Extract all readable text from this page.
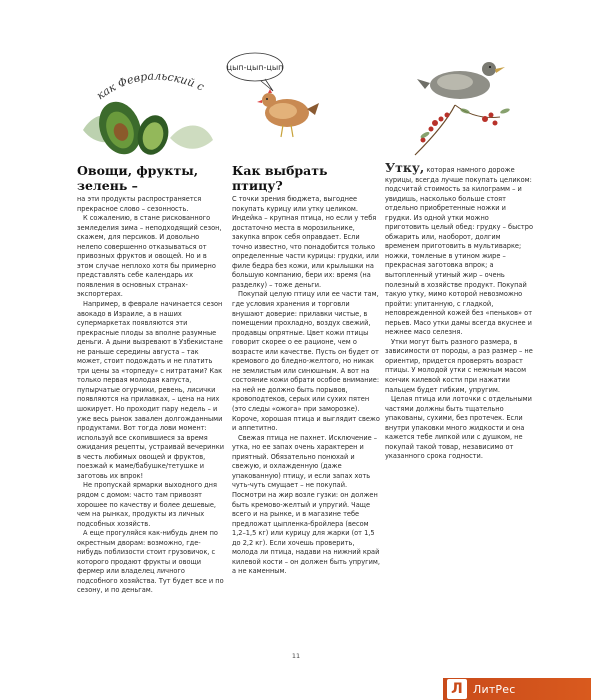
как Февральский с
цып-цып-цып
Овощи, фрукты, зелень –

на эти продукты распространяется прекрасное слово – сезонность.

К сожалению, в стане рискованного земледелия зима – неподходящий сезон, скажем, для персиков. И довольно нелепо совершенно отказываться от привозных фруктов и овощей. Но и в этом случае неплохо хотя бы примерно представлять себе календарь их появления в основных странах-экспортерах.

Например, в феврале начинается сезон авокадо в Израиле, а в наших супермаркетах появляются эти прекрасные плоды за вполне разумные деньги. А дыни вызревают в Узбекистане не раньше середины августа – так может, стоит подождать и не платить три цены за «торпеду» с нитратами? Как только первая молодая капуста, пупырчатые огурчики, ревень, лисички появляются на прилавках, – цена на них шокирует. Но проходит пару недель – и уже весь рынок завален долгожданными продуктами. Вот тогда лови момент: используй все скопившиеся за время ожидания рецепты, устраивай вечеринки в честь любимых овощей и фруктов, поезжай к маме/бабушке/тетушке и заготовь их впрок!

Не пропускай ярмарки выходного дня рядом с домом: часто там привозят хорошее по качеству и более дешевые, чем на рынках, продукты из личных подсобных хозяйств.

А еще прогуляйся как-нибудь днем по окрестным дворам: возможно, где-нибудь поблизости стоит грузовичок, с которого продают фрукты и овощи фермер или владелец личного подсобного хозяйства. Тут будет все и по сезону, и по деньгам.

Как выбрать птицу?

С точки зрения бюджета, выгоднее покупать курицу или утку целиком. Индейка – крупная птица, но если у тебя достаточно места в морозильнике, закупка впрок себя оправдает. Если точно известно, что понадобится только определенные части курицы: грудки, или филе бедра без кожи, или крылышки на большую компанию, бери их: время (на разделку) – тоже деньги.

Покупай целую птицу или ее части там, где условия хранения и торговли внушают доверие: прилавки чистые, в помещении прохладно, воздух свежий, продавцы опрятные. Цвет кожи птицы говорит скорее о ее рационе, чем о возрасте или качестве. Пусть он будет от кремового до бледно-желтого, но никак не землистым или синюшным. А вот на состояние кожи обрати особое внимание: на ней не должно быть порывов, кровоподтеков, серых или сухих пятен (это следы «ожога» при заморозке). Короче, хорошая птица и выглядит свежо и аппетитно.

Свежая птица не пахнет. Исключение – утка, но ее запах очень характерен и приятный. Обязательно понюхай и свежую, и охлажденную (даже упакованную) птицу, и если запах хоть чуть-чуть смущает – не покупай. Посмотри на жир возле гузки: он должен быть кремово-желтый и упругий. Чаще всего и на рынке, и в магазине тебе предложат цыпленка-бройлера (весом 1,2–1,5 кг) или курицу для жарки (от 1,5 до 2,2 кг). Если хочешь проверить, молода ли птица, надави на нижний край килевой кости – он должен быть упругим, а не каменным.

Утку, которая намного дороже курицы, всегда лучше покупать целиком: подсчитай стоимость за килограмм – и увидишь, насколько больше стоят отдельно приобретенные ножки и грудки. Из одной утки можно приготовить целый обед: грудку – быстро обжарить или, наоборот, долгим временем приготовить в мультиварке; ножки, томленые в утином жире – прекрасная заготовка впрок; а вытопленный утиный жир – очень полезный в хозяйстве продукт. Покупай такую утку, мимо которой невозможно пройти: упитанную, с гладкой, неповрежденной кожей без «пеньков» от перьев. Масо утки дамы всегда вкуснее и нежнее масо селезня.

Утки могут быть разного размера, в зависимости от породы, а раз размер – не ориентир, придется проверять возраст птицы. У молодой утки с нежным масом кончик килевой кости при нажатии пальцем будет гибким, упругим.

Целая птица или лоточки с отдельными частями должны быть тщательно упакованы, сухими, без протечек. Если внутри упаковки много жидкости и она кажется тебе липкой или с душком, не покупай такой товар, независимо от указанного срока годности.

11
Л ЛитРес
